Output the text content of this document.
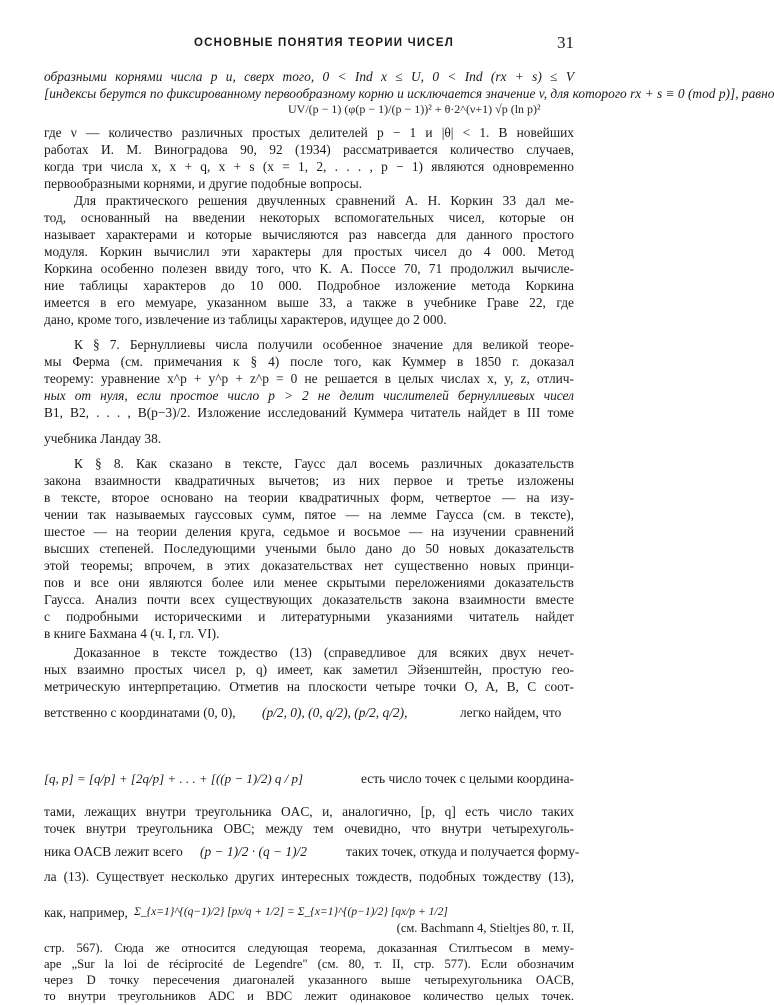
ОСНОВНЫЕ ПОНЯТИЯ ТЕОРИИ ЧИСЕЛ	31
образными корнями числа p и, сверх того, 0 < Ind x ≤ U, 0 < Ind (rx + s) ≤ V
[индексы берутся по фиксированному первообразному корню и исключается значение v, для которого rx + s ≡ 0 (mod p)], равно
UV/(p − 1) (φ(p − 1)/(p − 1))² + θ·2^(ν+1) √p (ln p)²
где ν — количество различных простых делителей p − 1 и |θ| < 1. В новейших
работах И. М. Виноградова 90, 92 (1934) рассматривается количество случаев,
когда три числа x, x + q, x + s (x = 1, 2, . . . , p − 1) являются одновременно
первообразными корнями, и другие подобные вопросы.
Для практического решения двучленных сравнений А. Н. Коркин 33 дал ме-
тод, основанный на введении некоторых вспомогательных чисел, которые он
называет характерами и которые вычисляются раз навсегда для данного простого
модуля. Коркин вычислил эти характеры для простых чисел до 4 000. Метод
Коркина особенно полезен ввиду того, что К. А. Поссе 70, 71 продолжил вычисле-
ние таблицы характеров до 10 000. Подробное изложение метода Коркина
имеется в его мемуаре, указанном выше 33, а также в учебнике Граве 22, где
дано, кроме того, извлечение из таблицы характеров, идущее до 2 000.
К § 7. Бернуллиевы числа получили особенное значение для великой теоре-
мы Ферма (см. примечания к § 4) после того, как Куммер в 1850 г. доказал
теорему: уравнение x^p + y^p + z^p = 0 не решается в целых числах x, y, z, отлич-
ных от нуля, если простое число p > 2 не делит числителей бернуллиевых чисел
B1, B2, . . . , B(p−3)/2. Изложение исследований Куммера читатель найдет в III томе
учебника Ландау 38.
К § 8. Как сказано в тексте, Гаусс дал восемь различных доказательств
закона взаимности квадратичных вычетов; из них первое и третье изложены
в тексте, второе основано на теории квадратичных форм, четвертое — на изу-
чении так называемых гауссовых сумм, пятое — на лемме Гаусса (см. в тексте),
шестое — на теории деления круга, седьмое и восьмое — на изучении сравнений
высших степеней. Последующими учеными было дано до 50 новых доказательств
этой теоремы; впрочем, в этих доказательствах нет существенно новых принци-
пов и все они являются более или менее скрытыми переложениями доказательств
Гаусса. Анализ почти всех существующих доказательств закона взаимности вместе
с подробными историческими и литературными указаниями читатель найдет
в книге Бахмана 4 (ч. I, гл. VI).
Доказанное в тексте тождество (13) (справедливое для всяких двух нечет-
ных взаимно простых чисел p, q) имеет, как заметил Эйзенштейн, простую гео-
метрическую интерпретацию. Отметив на плоскости четыре точки O, A, B, C соот-
ветственно с координатами (0, 0), (p/2, 0), (0, q/2), (p/2, q/2),	легко найдем, что
[q, p] = [q/p] + [2q/p] + . . . + [((p − 1)/2) q / p]	есть число точек с целыми координа-
тами, лежащих внутри треугольника OAC, и, аналогично, [p, q] есть число таких
точек внутри треугольника OBC; между тем очевидно, что внутри четырехуголь-
ника OACB лежит всего (p − 1)/2 · (q − 1)/2	таких точек, откуда и получается форму-
ла (13). Существует несколько других интересных тождеств, подобных тождеству (13),
как, например, Σ_{x=1}^{(q−1)/2} [px/q + 1/2] = Σ_{x=1}^{(p−1)/2} [qx/p + 1/2]
(см. Bachmann 4, Stieltjes 80, т. II,
стр. 567). Сюда же относится следующая теорема, доказанная Стилтьесом в мему-
аре „Sur la loi de réciprocité de Legendre" (см. 80, т. II, стр. 577). Если обозначим
через D точку пересечения диагоналей указанного выше четырехугольника OACB,
то внутри треугольников ADC и BDC лежит одинаковое количество целых точек.
